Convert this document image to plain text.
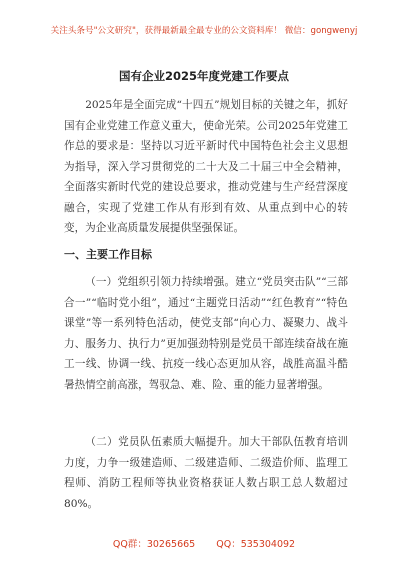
关注头条号"公文研究"，获得最新最全最专业的公文资料库！ 微信：gongwenyj
国有企业2025年度党建工作要点

2025年是全面完成“十四五”规划目标的关键之年，抓好国有企业党建工作意义重大，使命光荣。公司2025年党建工作总的要求是：坚持以习近平新时代中国特色社会主义思想为指导，深入学习贯彻党的二十大及二十届三中全会精神，全面落实新时代党的建设总要求，推动党建与生产经营深度融合，实现了党建工作从有形到有效、从重点到中心的转变，为企业高质量发展提供坚强保证。

一、主要工作目标

（一）党组织引领力持续增强。建立“党员突击队”“三部合一”“临时党小组”，通过“主题党日活动”“红色教育”“特色课堂”等一系列特色活动，使党支部“向心力、凝聚力、战斗力、服务力、执行力”更加强劲特别是党员干部连续奋战在施工一线、协调一线、抗疫一线心态更加从容，战胜高温斗酷暑热情空前高涨，驾驭急、难、险、重的能力显著增强。

（二）党员队伍素质大幅提升。加大干部队伍教育培训力度，力争一级建造师、二级建造师、二级造价师、监理工程师、消防工程师等执业资格获证人数占职工总人数超过80%。

QQ群：30265665 QQ：535304092
